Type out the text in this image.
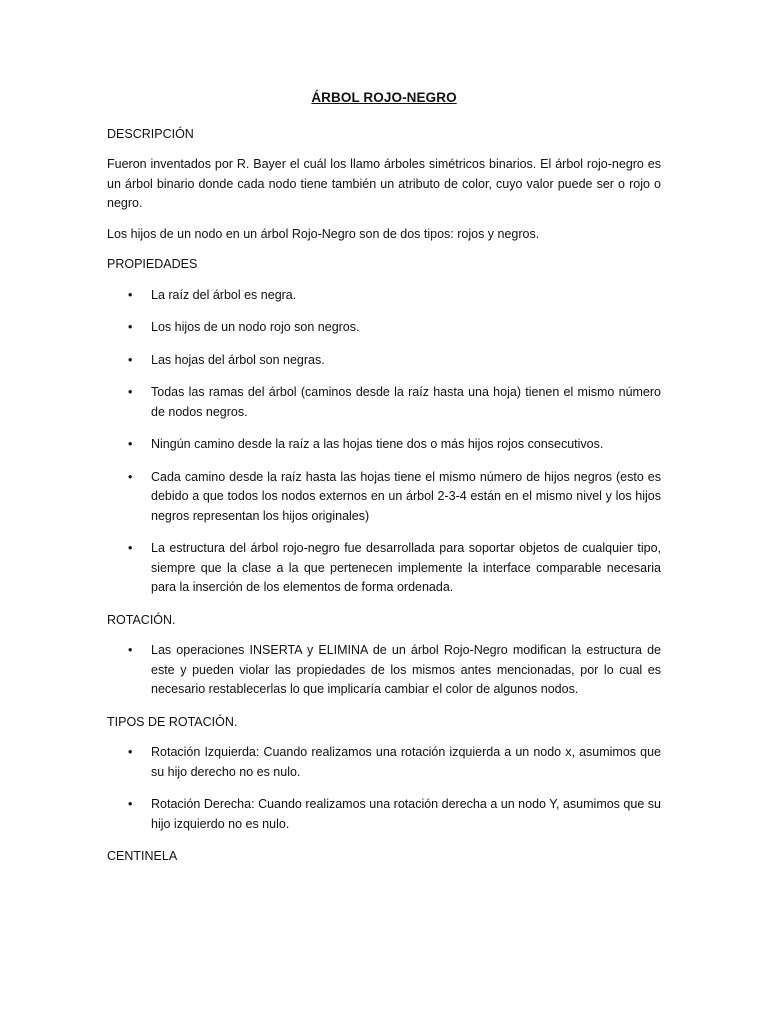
ÁRBOL ROJO-NEGRO
DESCRIPCIÓN

Fueron inventados por R. Bayer el cuál los llamo árboles simétricos binarios. El árbol rojo-negro es un árbol binario donde cada nodo tiene también un atributo de color, cuyo valor puede ser o rojo o negro.

Los hijos de un nodo en un árbol Rojo-Negro son de dos tipos: rojos y negros.

PROPIEDADES
• La raíz del árbol es negra.
• Los hijos de un nodo rojo son negros.
• Las hojas del árbol son negras.
• Todas las ramas del árbol (caminos desde la raíz hasta una hoja) tienen el mismo número de nodos negros.
• Ningún camino desde la raíz a las hojas tiene dos o más hijos rojos consecutivos.
• Cada camino desde la raíz hasta las hojas tiene el mismo número de hijos negros (esto es debido a que todos los nodos externos en un árbol 2-3-4 están en el mismo nivel y los hijos negros representan los hijos originales)
• La estructura del árbol rojo-negro fue desarrollada para soportar objetos de cualquier tipo, siempre que la clase a la que pertenecen implemente la interface comparable necesaria para la inserción de los elementos de forma ordenada.
ROTACIÓN.
• Las operaciones INSERTA y ELIMINA de un árbol Rojo-Negro modifican la estructura de este y pueden violar las propiedades de los mismos antes mencionadas, por lo cual es necesario restablecerlas lo que implicaría cambiar el color de algunos nodos.
TIPOS DE ROTACIÓN.
• Rotación Izquierda: Cuando realizamos una rotación izquierda a un nodo x, asumimos que su hijo derecho no es nulo.
• Rotación Derecha: Cuando realizamos una rotación derecha a un nodo Y, asumimos que su hijo izquierdo no es nulo.
CENTINELA
